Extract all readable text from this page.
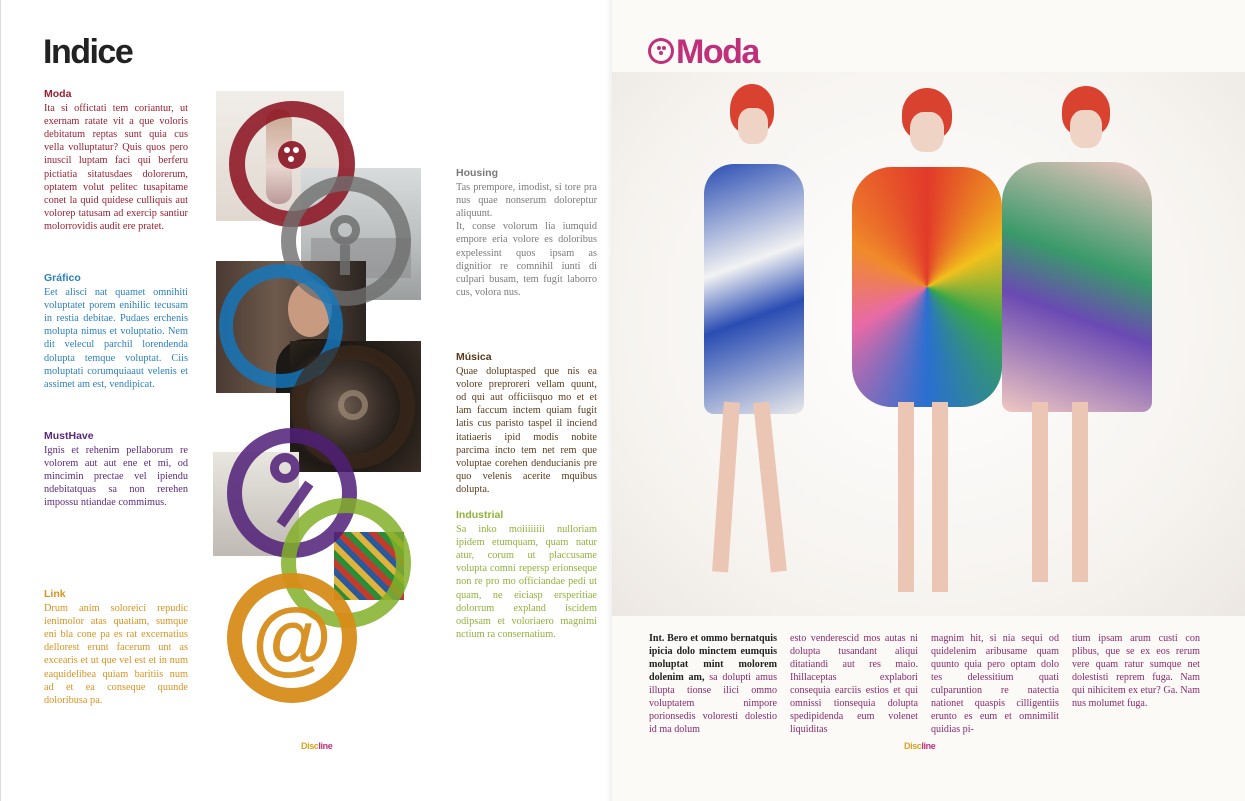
Indice
Moda

Ita si offictati tem coriantur, ut exernam ratate vit a que voloris debitatum reptas sunt quia cus vella volluptatur? Quis quos pero inuscil luptam faci qui berferu pictiatia sitatusdaes dolorerum, optatem volut pelitec tusapitame conet la quid quidese culliquis aut volorep tatusam ad exercip santiur molorrovidis audit ere pratet.

Gráfico

Eet alisci nat quamet omnihiti voluptatet porem enihilic tecusam in restia debitae. Pudaes erchenis molupta nimus et voluptatio. Nem dit velecul parchil lorendenda dolupta temque voluptat. Ciis moluptati corumquiaaut velenis et assimet am est, vendipicat.

MustHave

Ignis et rehenim pellaborum re volorem aut aut ene et mi, od mincimin prectae vel ipiendu ndebitatquas sa non rerehen impossu ntiandae commimus.

Link

Drum anim soloreici repudic ienimolor atas quatiam, sumque eni bla cone pa es rat excernatius dellorest erunt facerum unt as excearis et ut que vel est et in num eaquidelibea quiam baritiis num ad et ea conseque quunde doloribusa pa.

Housing

Tas prempore, imodist, si tore pra nus quae nonserum doloreptur aliquunt.

It, conse volorum lia iumquid empore eria volore es doloribus expelessint quos ipsam as dignitior re comnihil iunti di culpari busam, tem fugit laborro cus, volora nus.

Música

Quae doluptasped que nis ea volore preproreri vellam quunt, od qui aut officiisquo mo et et lam faccum inctem quiam fugit latis cus paristo taspel il inciend itatiaeris ipid modis nobite parcima incto tem net rem que voluptae corehen denducianis pre quo velenis acerite mquibus dolupta.

Industrial

Sa inko moiiiiiiii nulloriam ipidem etumquam, quam natur atur, corum ut placcusame volupta comni repersp erionseque non re pro mo officiandae pedi ut quam, ne eiciasp ersperitiae dolorrum expland iscidem odipsam et voloriaero magnimi nctium ra consernatium.

@
Discline
Moda
Int. Bero et ommo bernatquis ipicia dolo minctem eumquis moluptat mint molorem dolenim am, sa dolupti amus illupta tionse ilici ommo voluptatem nimpore porionsedis voloresti dolestio id ma dolum
esto venderescid mos autas ni dolupta tusandant aliqui ditatiandi aut res maio. Ihillaceptas explabori consequia earciis estios et qui omnissi tionsequia dolupta spedipidenda eum volenet liquiditas
magnim hit, si nia sequi od quidelenim aribusame quam quunto quia pero optam dolo tes delessitium quati culparuntion re natectia nationet quaspis cilligentiis erunto es eum et omnimilit quidias pi-
tium ipsam arum custi con plibus, que se ex eos rerum vere quam ratur sumque net dolestisti reprem fuga. Nam qui nihicitem ex etur? Ga. Nam nus molumet fuga.
Discline
